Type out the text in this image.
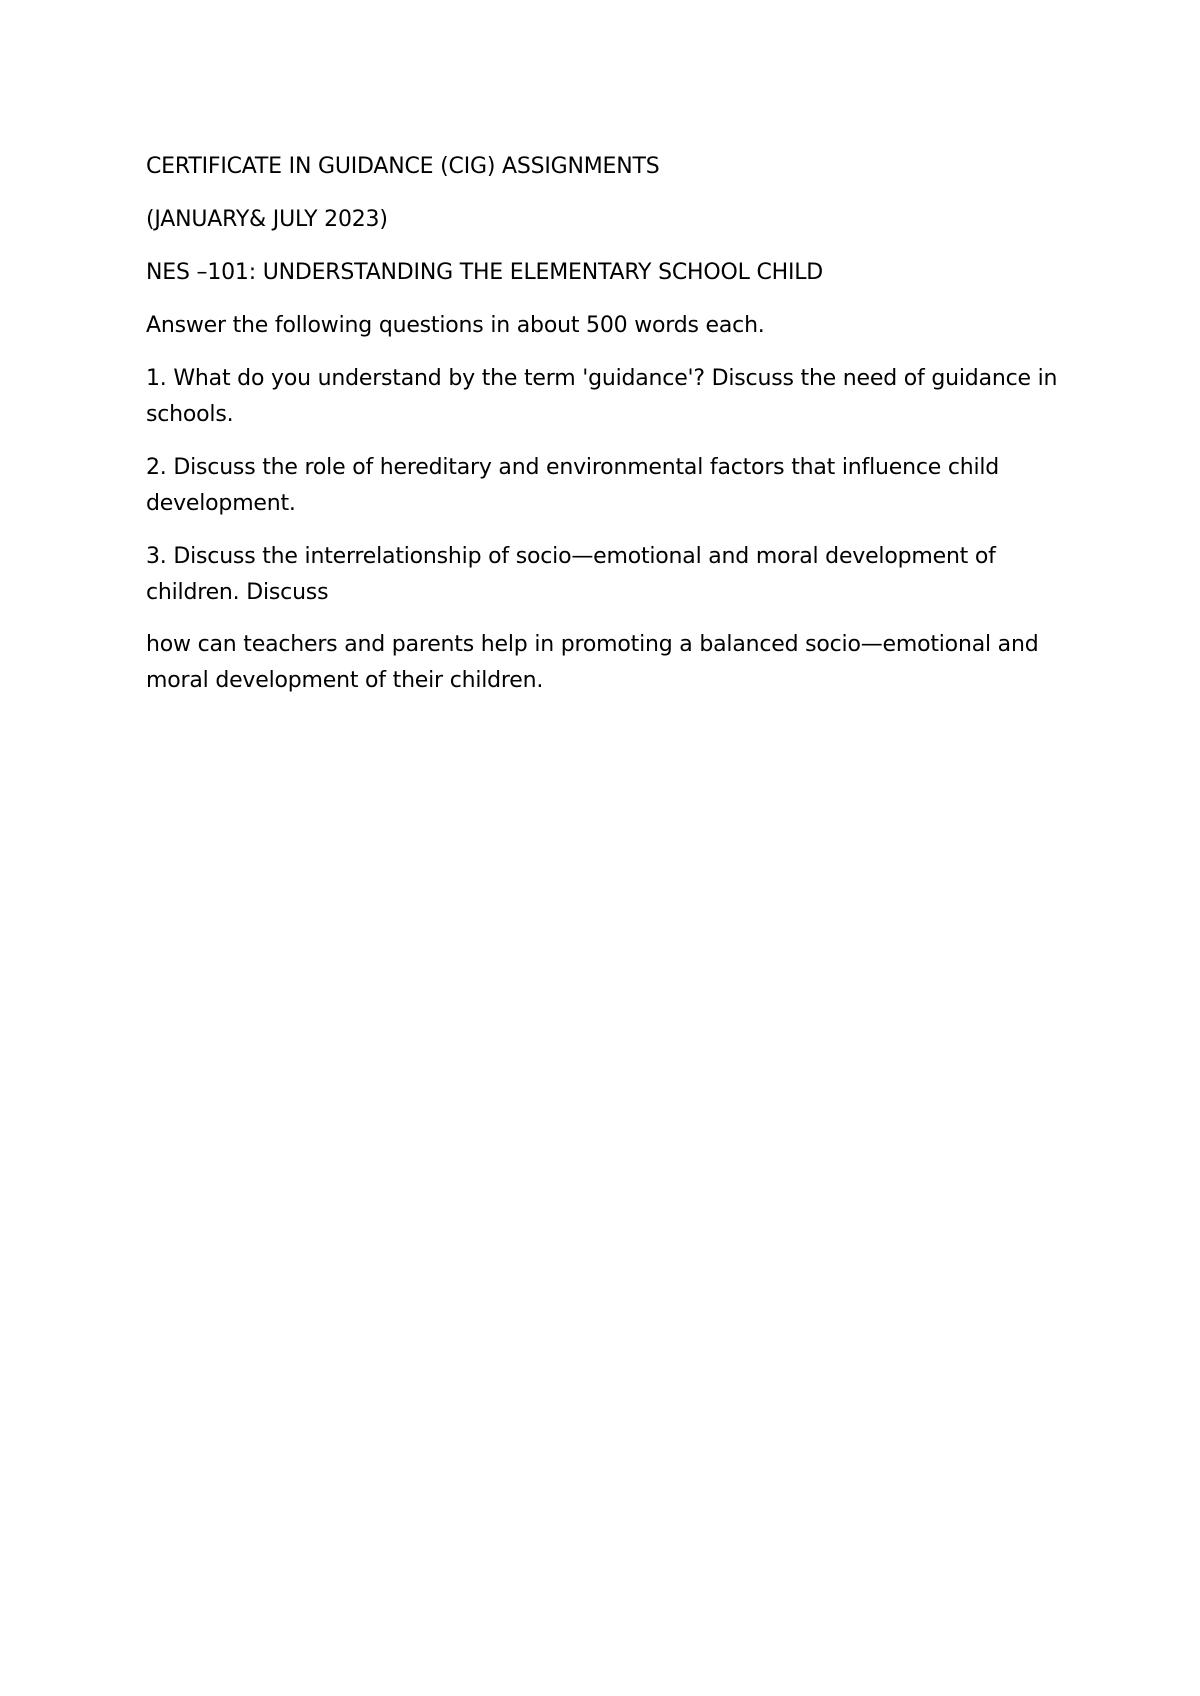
CERTIFICATE IN GUIDANCE (CIG) ASSIGNMENTS

(JANUARY& JULY 2023)

NES –101: UNDERSTANDING THE ELEMENTARY SCHOOL CHILD

Answer the following questions in about 500 words each.

1. What do you understand by the term 'guidance'? Discuss the need of guidance in schools.

2. Discuss the role of hereditary and environmental factors that influence child development.

3. Discuss the interrelationship of socio—emotional and moral development of children. Discuss

how can teachers and parents help in promoting a balanced socio—emotional and moral development of their children.
